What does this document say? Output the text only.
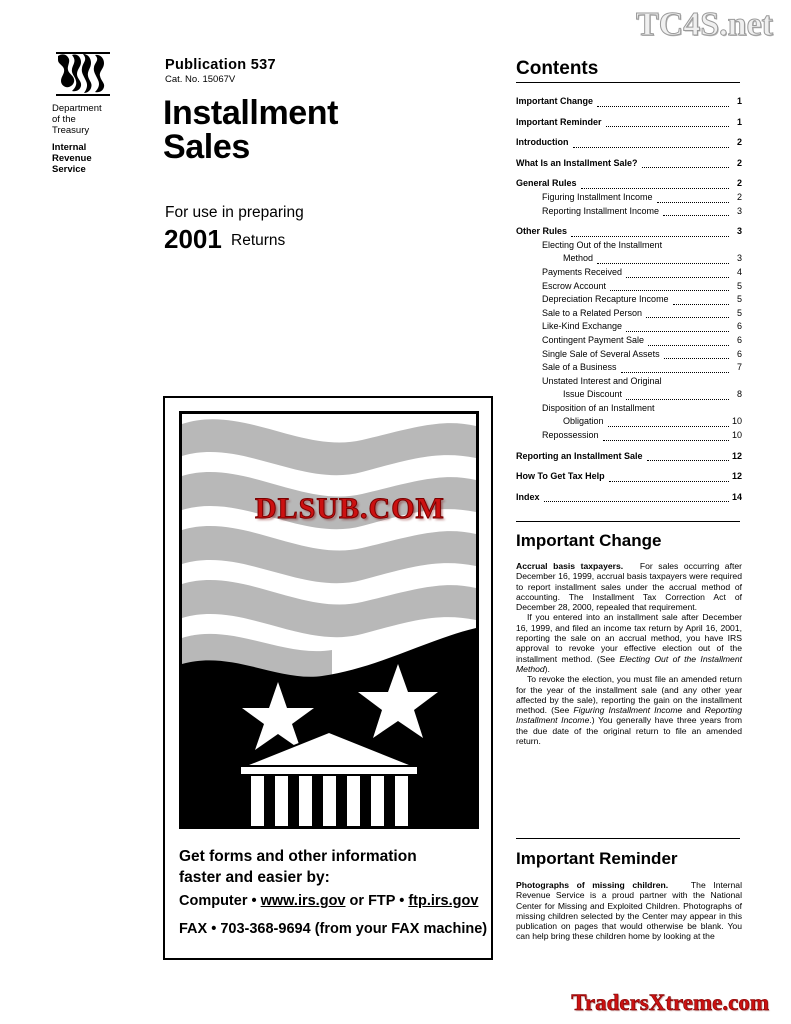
Department
of the
Treasury
Internal
Revenue
Service
Publication 537
Cat. No. 15067V
Installment
Sales
For use in preparing
2001 Returns
Get forms and other information
faster and easier by:
Computer • www.irs.gov or FTP • ftp.irs.gov
FAX • 703-368-9694 (from your FAX machine)
Contents
Important Change	1
Important Reminder	1
Introduction	2
What Is an Installment Sale?	2
General Rules	2
Figuring Installment Income	2
Reporting Installment Income	3
Other Rules	3
Electing Out of the Installment
Method	3
Payments Received	4
Escrow Account	5
Depreciation Recapture Income	5
Sale to a Related Person	5
Like-Kind Exchange	6
Contingent Payment Sale	6
Single Sale of Several Assets	6
Sale of a Business	7
Unstated Interest and Original
Issue Discount	8
Disposition of an Installment
Obligation	10
Repossession	10
Reporting an Installment Sale	12
How To Get Tax Help	12
Index	14
Important Change

Accrual basis taxpayers. For sales occurring after December 16, 1999, accrual basis taxpayers were required to report installment sales under the accrual method of accounting. The Installment Tax Correction Act of December 28, 2000, repealed that requirement.

If you entered into an installment sale after December 16, 1999, and filed an income tax return by April 16, 2001, reporting the sale on an accrual method, you have IRS approval to revoke your effective election out of the installment method. (See Electing Out of the Installment Method).

To revoke the election, you must file an amended return for the year of the installment sale (and any other year affected by the sale), reporting the gain on the installment method. (See Figuring Installment Income and Reporting Installment Income.) You generally have three years from the due date of the original return to file an amended return.

Important Reminder

Photographs of missing children.	The Internal Revenue Service is a proud partner with the National Center for Missing and Exploited Children. Photographs of missing children selected by the Center may appear in this publication on pages that would otherwise be blank. You can help bring these children home by looking at the

TC4S.net
DLSUB.COM
TradersXtreme.com
